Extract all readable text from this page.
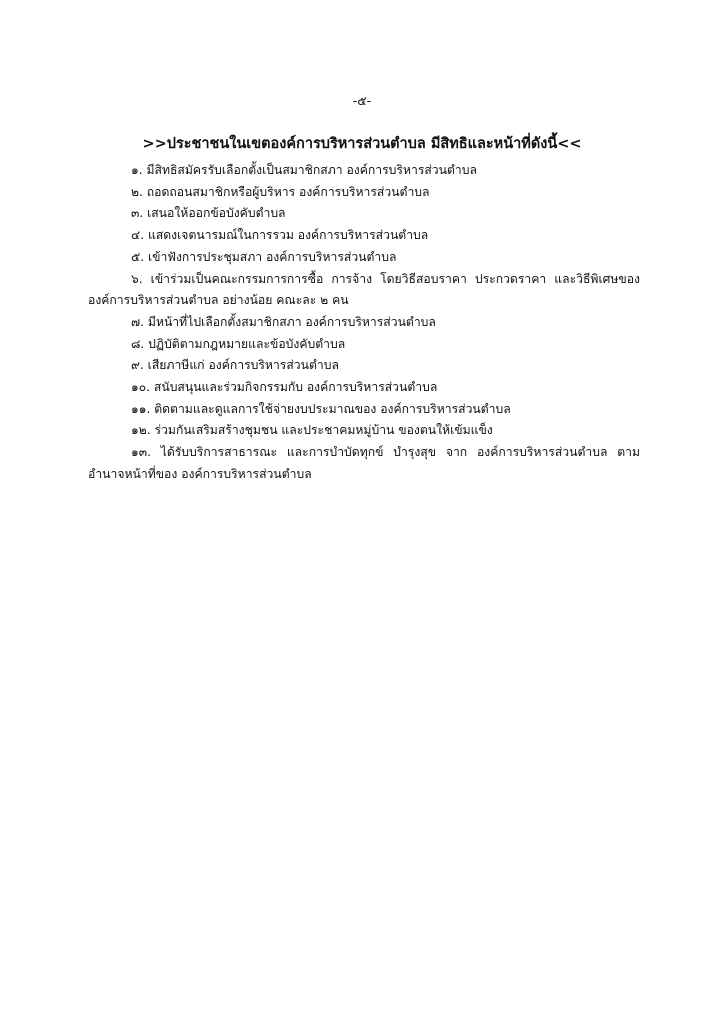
-๕-
>>ประชาชนในเขตองค์การบริหารส่วนตำบล มีสิทธิและหน้าที่ดังนี้<<
๑. มีสิทธิสมัครรับเลือกตั้งเป็นสมาชิกสภา องค์การบริหารส่วนตำบล
๒. ถอดถอนสมาชิกหรือผู้บริหาร องค์การบริหารส่วนตำบล
๓. เสนอให้ออกข้อบังคับตำบล
๔. แสดงเจตนารมณ์ในการรวม องค์การบริหารส่วนตำบล
๕. เข้าฟังการประชุมสภา องค์การบริหารส่วนตำบล
๖. เข้าร่วมเป็นคณะกรรมการการซื้อ การจ้าง โดยวิธีสอบราคา ประกวดราคา และวิธีพิเศษของ องค์การบริหารส่วนตำบล อย่างน้อย คณะละ ๒ คน
๗. มีหน้าที่ไปเลือกตั้งสมาชิกสภา องค์การบริหารส่วนตำบล
๘. ปฏิบัติตามกฎหมายและข้อบังคับตำบล
๙. เสียภาษีแก่ องค์การบริหารส่วนตำบล
๑๐. สนับสนุนและร่วมกิจกรรมกับ องค์การบริหารส่วนตำบล
๑๑. ติดตามและดูแลการใช้จ่ายงบประมาณของ องค์การบริหารส่วนตำบล
๑๒. ร่วมกันเสริมสร้างชุมชน และประชาคมหมู่บ้าน ของตนให้เข้มแข็ง
๑๓. ได้รับบริการสาธารณะ และการบำบัดทุกข์ บำรุงสุข จาก องค์การบริหารส่วนตำบล ตามอำนาจหน้าที่ของ องค์การบริหารส่วนตำบล
